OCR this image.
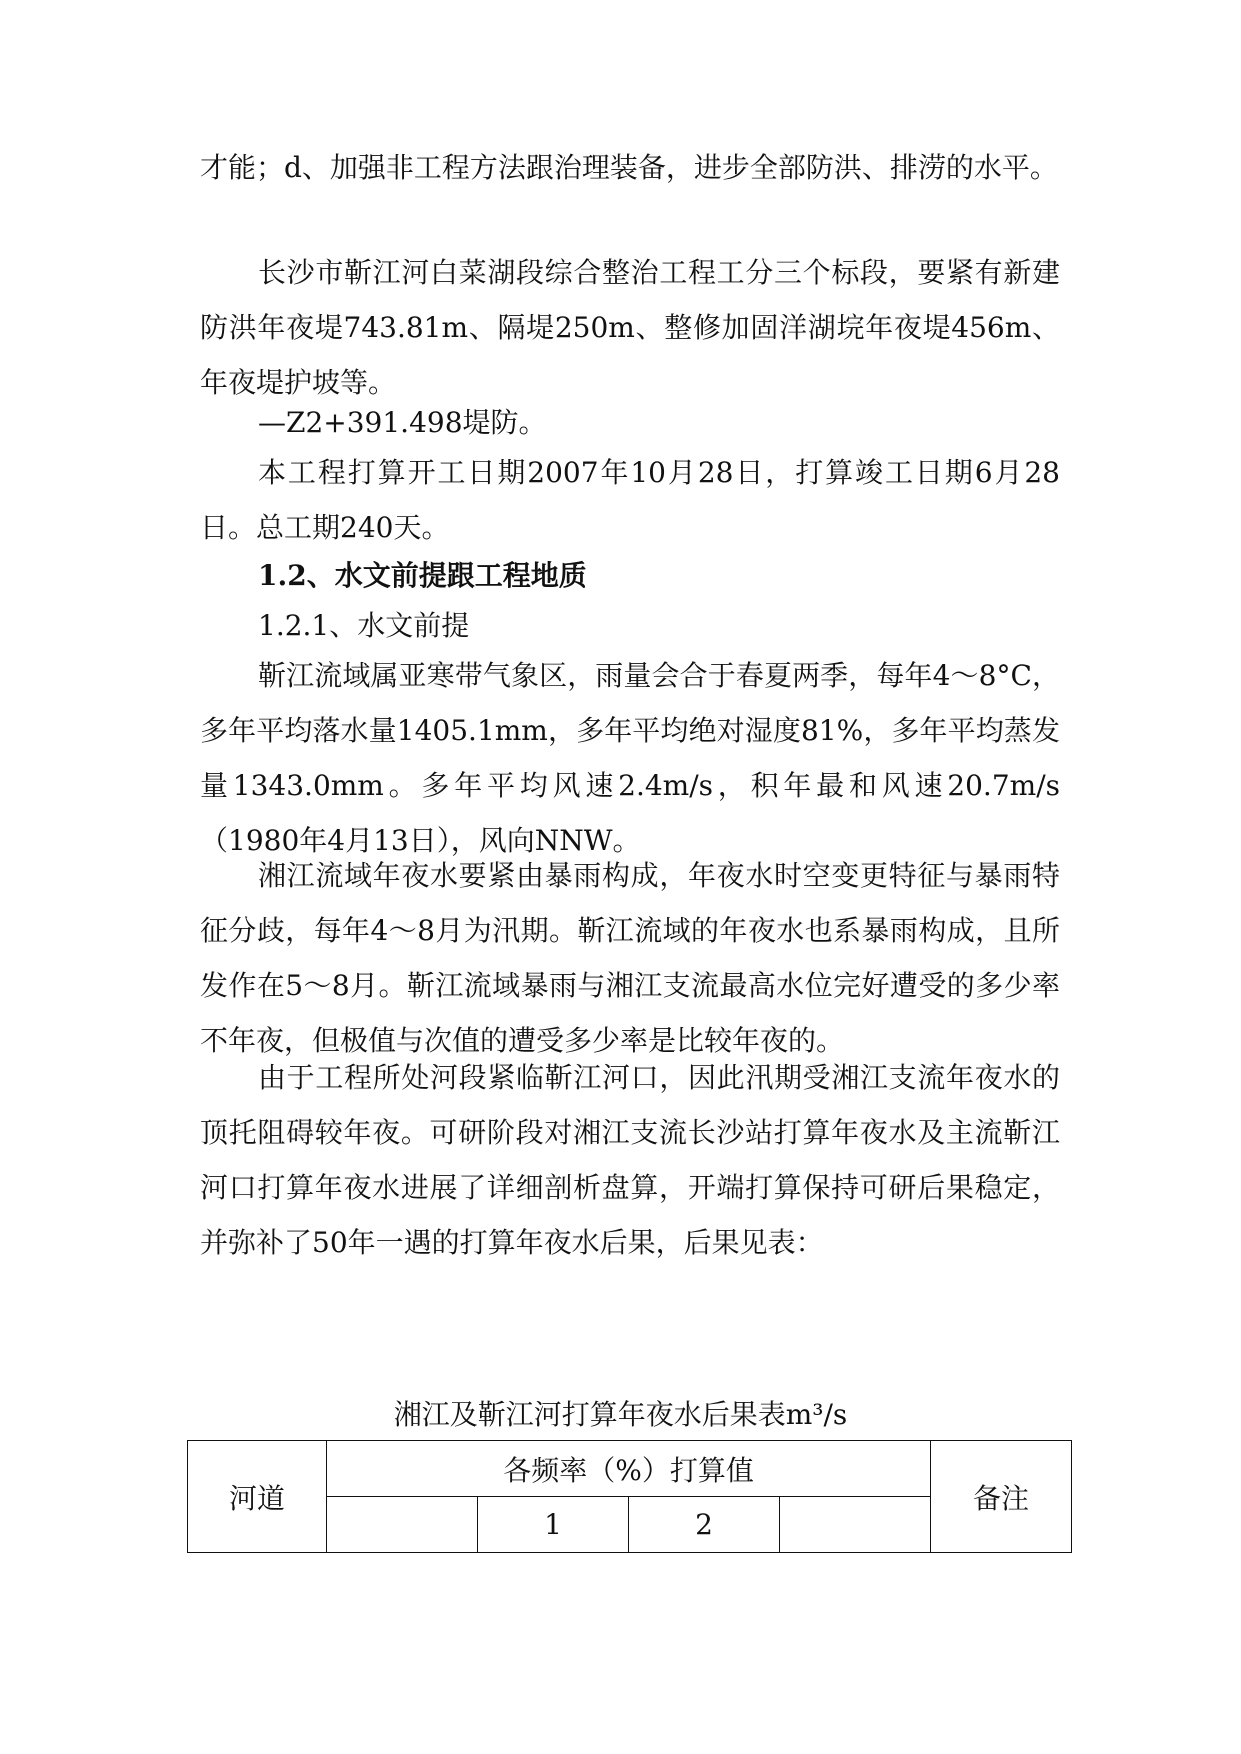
才能；d、加强非工程方法跟治理装备，进步全部防洪、排涝的水平。

长沙市靳江河白菜湖段综合整治工程工分三个标段，要紧有新建防洪年夜堤743.81m、隔堤250m、整修加固洋湖垸年夜堤456m、年夜堤护坡等。

—Z2+391.498堤防。

本工程打算开工日期2007年10月28日，打算竣工日期6月28日。总工期240天。

1.2、水文前提跟工程地质

1.2.1、水文前提

靳江流域属亚寒带气象区，雨量会合于春夏两季，每年4～8°C，多年平均落水量1405.1mm，多年平均绝对湿度81%，多年平均蒸发量1343.0mm。多年平均风速2.4m/s，积年最和风速20.7m/s（1980年4月13日），风向NNW。

湘江流域年夜水要紧由暴雨构成，年夜水时空变更特征与暴雨特征分歧，每年4～8月为汛期。靳江流域的年夜水也系暴雨构成，且所发作在5～8月。靳江流域暴雨与湘江支流最高水位完好遭受的多少率不年夜，但极值与次值的遭受多少率是比较年夜的。

由于工程所处河段紧临靳江河口，因此汛期受湘江支流年夜水的顶托阻碍较年夜。可研阶段对湘江支流长沙站打算年夜水及主流靳江河口打算年夜水进展了详细剖析盘算，开端打算保持可研后果稳定，并弥补了50年一遇的打算年夜水后果，后果见表：

湘江及靳江河打算年夜水后果表m³/s

河道	各频率（%）打算值				备注
		1	2		
